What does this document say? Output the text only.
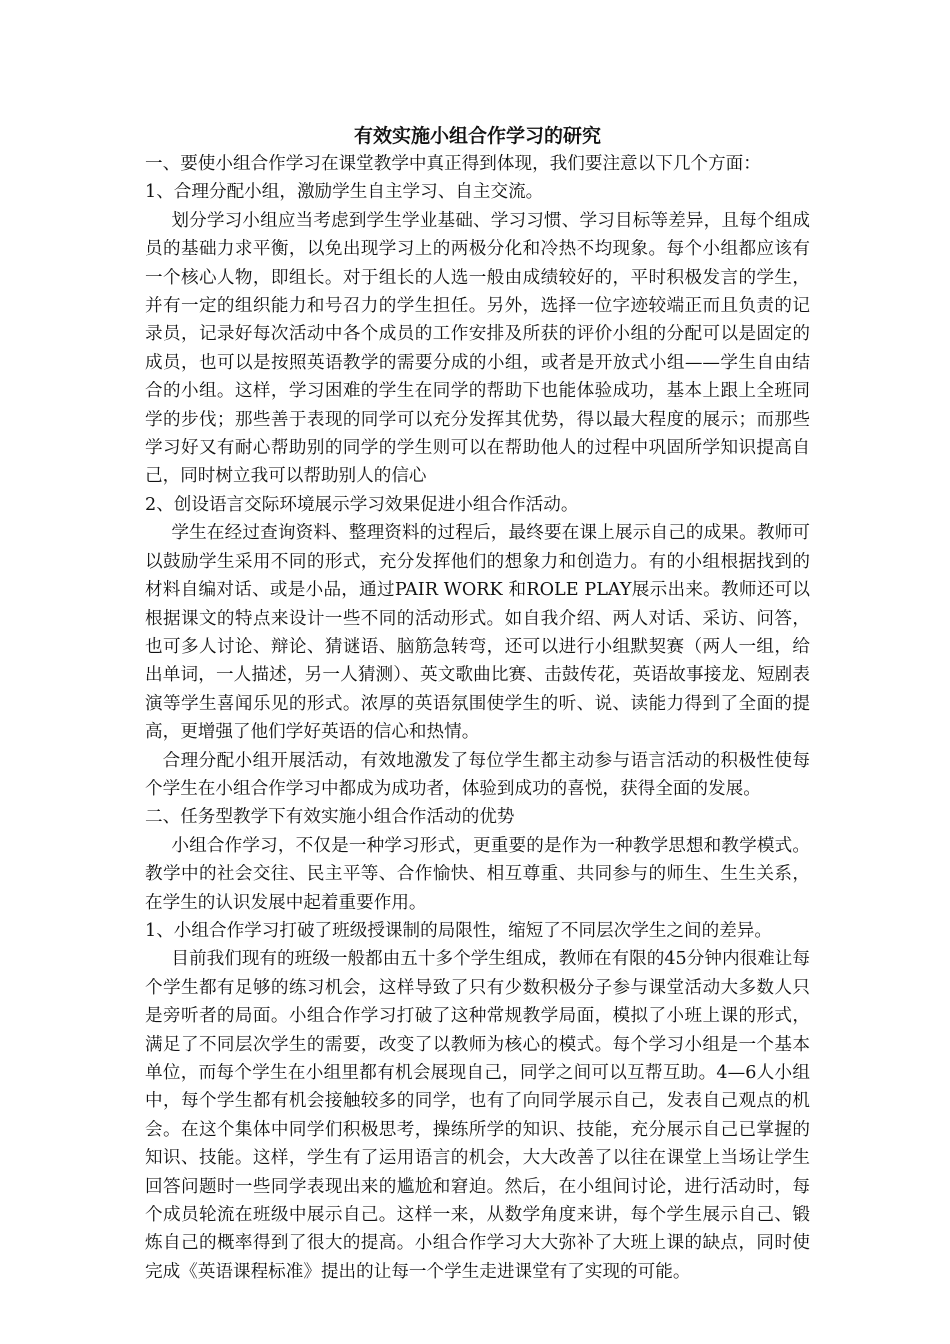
有效实施小组合作学习的研究

一、要使小组合作学习在课堂教学中真正得到体现，我们要注意以下几个方面：

1、合理分配小组，激励学生自主学习、自主交流。

划分学习小组应当考虑到学生学业基础、学习习惯、学习目标等差异，且每个组成员的基础力求平衡，以免出现学习上的两极分化和冷热不均现象。每个小组都应该有一个核心人物，即组长。对于组长的人选一般由成绩较好的，平时积极发言的学生，并有一定的组织能力和号召力的学生担任。另外，选择一位字迹较端正而且负责的记录员，记录好每次活动中各个成员的工作安排及所获的评价小组的分配可以是固定的成员，也可以是按照英语教学的需要分成的小组，或者是开放式小组——学生自由结合的小组。这样，学习困难的学生在同学的帮助下也能体验成功，基本上跟上全班同学的步伐；那些善于表现的同学可以充分发挥其优势，得以最大程度的展示；而那些学习好又有耐心帮助别的同学的学生则可以在帮助他人的过程中巩固所学知识提高自己，同时树立我可以帮助别人的信心

2、创设语言交际环境展示学习效果促进小组合作活动。

学生在经过查询资料、整理资料的过程后，最终要在课上展示自己的成果。教师可以鼓励学生采用不同的形式，充分发挥他们的想象力和创造力。有的小组根据找到的材料自编对话、或是小品，通过PAIR WORK 和ROLE PLAY展示出来。教师还可以根据课文的特点来设计一些不同的活动形式。如自我介绍、两人对话、采访、问答，也可多人讨论、辩论、猜谜语、脑筋急转弯，还可以进行小组默契赛（两人一组，给出单词，一人描述，另一人猜测）、英文歌曲比赛、击鼓传花，英语故事接龙、短剧表演等学生喜闻乐见的形式。浓厚的英语氛围使学生的听、说、读能力得到了全面的提高，更增强了他们学好英语的信心和热情。

合理分配小组开展活动，有效地激发了每位学生都主动参与语言活动的积极性使每个学生在小组合作学习中都成为成功者，体验到成功的喜悦，获得全面的发展。

二、任务型教学下有效实施小组合作活动的优势

小组合作学习，不仅是一种学习形式，更重要的是作为一种教学思想和教学模式。教学中的社会交往、民主平等、合作愉快、相互尊重、共同参与的师生、生生关系，在学生的认识发展中起着重要作用。

1、小组合作学习打破了班级授课制的局限性，缩短了不同层次学生之间的差异。

目前我们现有的班级一般都由五十多个学生组成，教师在有限的45分钟内很难让每个学生都有足够的练习机会，这样导致了只有少数积极分子参与课堂活动大多数人只是旁听者的局面。小组合作学习打破了这种常规教学局面，模拟了小班上课的形式，满足了不同层次学生的需要，改变了以教师为核心的模式。每个学习小组是一个基本单位，而每个学生在小组里都有机会展现自己，同学之间可以互帮互助。4—6人小组中，每个学生都有机会接触较多的同学，也有了向同学展示自己，发表自己观点的机会。在这个集体中同学们积极思考，操练所学的知识、技能，充分展示自己已掌握的知识、技能。这样，学生有了运用语言的机会，大大改善了以往在课堂上当场让学生回答问题时一些同学表现出来的尴尬和窘迫。然后，在小组间讨论，进行活动时，每个成员轮流在班级中展示自己。这样一来，从数学角度来讲，每个学生展示自己、锻炼自己的概率得到了很大的提高。小组合作学习大大弥补了大班上课的缺点，同时使完成《英语课程标准》提出的让每一个学生走进课堂有了实现的可能。
